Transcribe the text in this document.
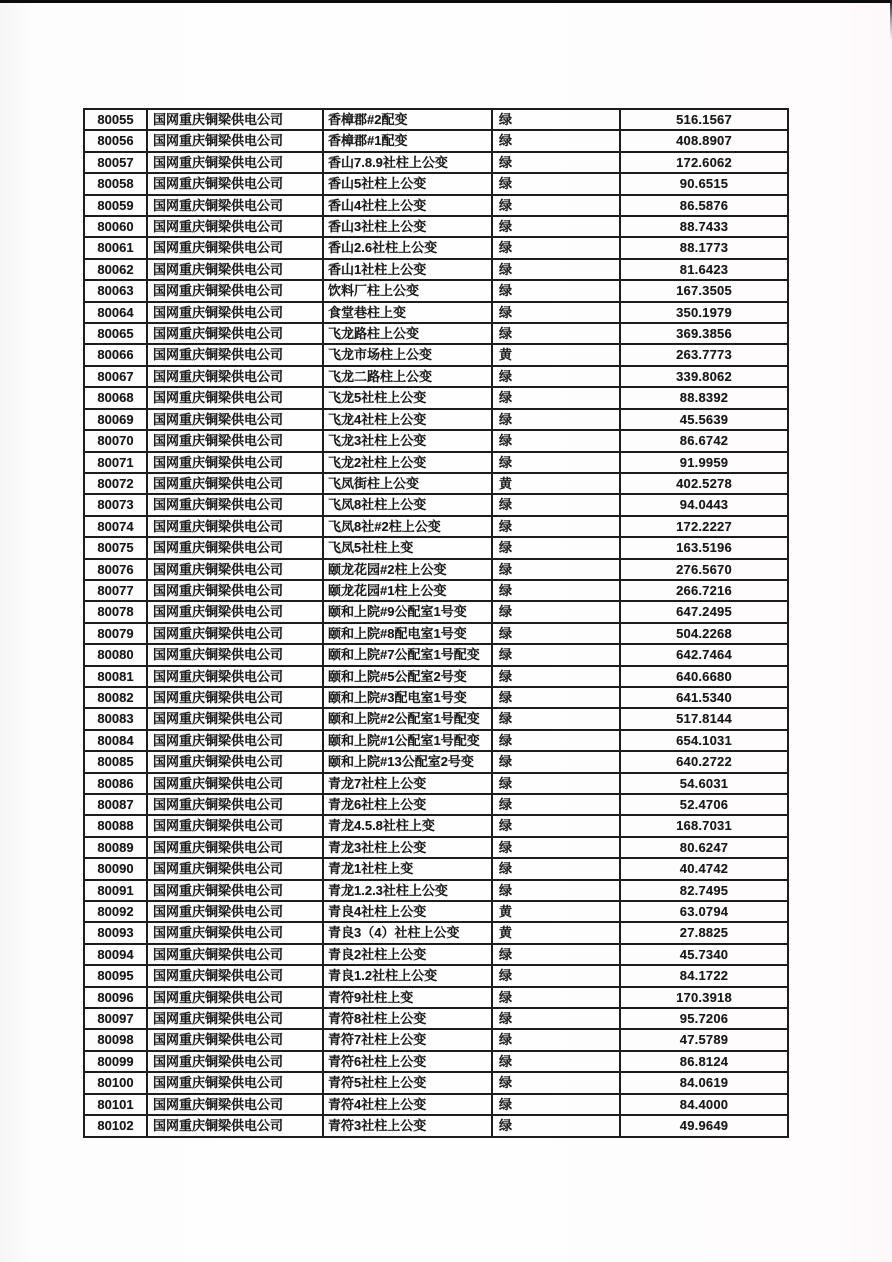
80055	国网重庆铜梁供电公司	香樟郡#2配变	绿	516.1567
80056	国网重庆铜梁供电公司	香樟郡#1配变	绿	408.8907
80057	国网重庆铜梁供电公司	香山7.8.9社柱上公变	绿	172.6062
80058	国网重庆铜梁供电公司	香山5社柱上公变	绿	90.6515
80059	国网重庆铜梁供电公司	香山4社柱上公变	绿	86.5876
80060	国网重庆铜梁供电公司	香山3社柱上公变	绿	88.7433
80061	国网重庆铜梁供电公司	香山2.6社柱上公变	绿	88.1773
80062	国网重庆铜梁供电公司	香山1社柱上公变	绿	81.6423
80063	国网重庆铜梁供电公司	饮料厂柱上公变	绿	167.3505
80064	国网重庆铜梁供电公司	食堂巷柱上变	绿	350.1979
80065	国网重庆铜梁供电公司	飞龙路柱上公变	绿	369.3856
80066	国网重庆铜梁供电公司	飞龙市场柱上公变	黄	263.7773
80067	国网重庆铜梁供电公司	飞龙二路柱上公变	绿	339.8062
80068	国网重庆铜梁供电公司	飞龙5社柱上公变	绿	88.8392
80069	国网重庆铜梁供电公司	飞龙4社柱上公变	绿	45.5639
80070	国网重庆铜梁供电公司	飞龙3社柱上公变	绿	86.6742
80071	国网重庆铜梁供电公司	飞龙2社柱上公变	绿	91.9959
80072	国网重庆铜梁供电公司	飞凤街柱上公变	黄	402.5278
80073	国网重庆铜梁供电公司	飞凤8社柱上公变	绿	94.0443
80074	国网重庆铜梁供电公司	飞凤8社#2柱上公变	绿	172.2227
80075	国网重庆铜梁供电公司	飞凤5社柱上变	绿	163.5196
80076	国网重庆铜梁供电公司	颐龙花园#2柱上公变	绿	276.5670
80077	国网重庆铜梁供电公司	颐龙花园#1柱上公变	绿	266.7216
80078	国网重庆铜梁供电公司	颐和上院#9公配室1号变	绿	647.2495
80079	国网重庆铜梁供电公司	颐和上院#8配电室1号变	绿	504.2268
80080	国网重庆铜梁供电公司	颐和上院#7公配室1号配变	绿	642.7464
80081	国网重庆铜梁供电公司	颐和上院#5公配室2号变	绿	640.6680
80082	国网重庆铜梁供电公司	颐和上院#3配电室1号变	绿	641.5340
80083	国网重庆铜梁供电公司	颐和上院#2公配室1号配变	绿	517.8144
80084	国网重庆铜梁供电公司	颐和上院#1公配室1号配变	绿	654.1031
80085	国网重庆铜梁供电公司	颐和上院#13公配室2号变	绿	640.2722
80086	国网重庆铜梁供电公司	青龙7社柱上公变	绿	54.6031
80087	国网重庆铜梁供电公司	青龙6社柱上公变	绿	52.4706
80088	国网重庆铜梁供电公司	青龙4.5.8社柱上变	绿	168.7031
80089	国网重庆铜梁供电公司	青龙3社柱上公变	绿	80.6247
80090	国网重庆铜梁供电公司	青龙1社柱上变	绿	40.4742
80091	国网重庆铜梁供电公司	青龙1.2.3社柱上公变	绿	82.7495
80092	国网重庆铜梁供电公司	青良4社柱上公变	黄	63.0794
80093	国网重庆铜梁供电公司	青良3（4）社柱上公变	黄	27.8825
80094	国网重庆铜梁供电公司	青良2社柱上公变	绿	45.7340
80095	国网重庆铜梁供电公司	青良1.2社柱上公变	绿	84.1722
80096	国网重庆铜梁供电公司	青符9社柱上变	绿	170.3918
80097	国网重庆铜梁供电公司	青符8社柱上公变	绿	95.7206
80098	国网重庆铜梁供电公司	青符7社柱上公变	绿	47.5789
80099	国网重庆铜梁供电公司	青符6社柱上公变	绿	86.8124
80100	国网重庆铜梁供电公司	青符5社柱上公变	绿	84.0619
80101	国网重庆铜梁供电公司	青符4社柱上公变	绿	84.4000
80102	国网重庆铜梁供电公司	青符3社柱上公变	绿	49.9649
